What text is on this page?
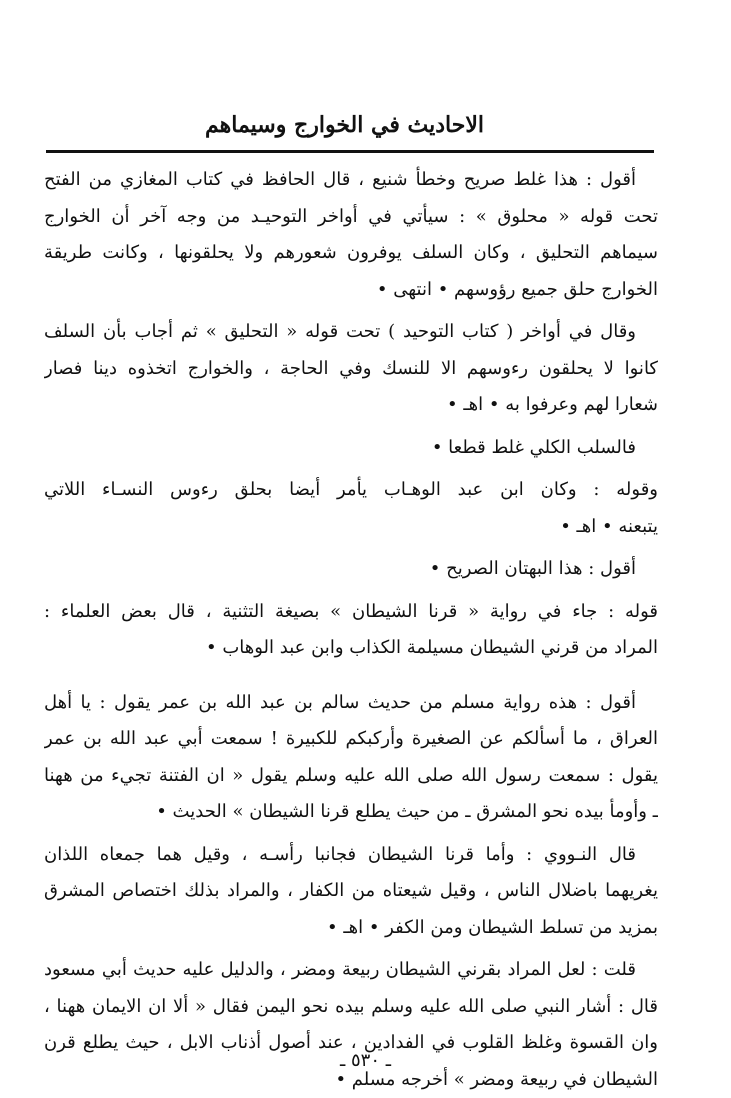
الاحاديث في الخوارج وسيماهم
أقول : هذا غلط صريح وخطأ شنيع ، قال الحافظ في كتاب المغازي من الفتح
تحت قوله « محلوق » : سيأتي في أواخر التوحيـد من وجه آخر أن الخوارج
سيماهم التحليق ، وكان السلف يوفرون شعورهم ولا يحلقونها ، وكانت طريقة
الخوارج حلق جميع رؤوسهم • انتهى •
وقال في أواخر ( كتاب التوحيد ) تحت قوله « التحليق » ثم أجاب بأن السلف
كانوا لا يحلقون رءوسهم الا للنسك وفي الحاجة ، والخوارج اتخذوه دينا فصار
شعارا لهم وعرفوا به • اهـ •
فالسلب الكلي غلط قطعا •
وقوله : وكان ابن عبد الوهـاب يأمر أيضا بحلق رءوس النسـاء اللاتي
يتبعنه • اهـ •
أقول : هذا البهتان الصريح •
قوله : جاء في رواية « قرنا الشيطان » بصيغة التثنية ، قال بعض العلماء :
المراد من قرني الشيطان مسيلمة الكذاب وابن عبد الوهاب •
أقول : هذه رواية مسلم من حديث سالم بن عبد الله بن عمر يقول : يا أهل
العراق ، ما أسألكم عن الصغيرة وأركبكم للكبيرة ! سمعت أبي عبد الله بن عمر
يقول : سمعت رسول الله صلى الله عليه وسلم يقول « ان الفتنة تجيء من ههنا
ـ وأومأ بيده نحو المشرق ـ من حيث يطلع قرنا الشيطان » الحديث •
قال النـووي : وأما قرنا الشيطان فجانبا رأسـه ، وقيل هما جمعاه اللذان
يغريهما باضلال الناس ، وقيل شيعتاه من الكفار ، والمراد بذلك اختصاص المشرق
بمزيد من تسلط الشيطان ومن الكفر • اهـ •
قلت : لعل المراد بقرني الشيطان ربيعة ومضر ، والدليل عليه حديث أبي مسعود
قال : أشار النبي صلى الله عليه وسلم بيده نحو اليمن فقال « ألا ان الايمان ههنا ،
وان القسوة وغلظ القلوب في الفدادين ، عند أصول أذناب الابل ، حيث يطلع قرن
الشيطان في ربيعة ومضر » أخرجه مسلم •
ـ ٥٣٠ ـ
